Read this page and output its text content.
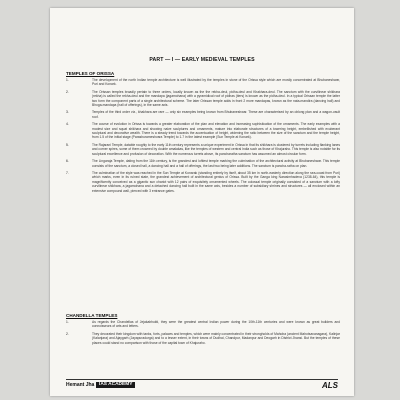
PART — I — EARLY MEDIEVAL TEMPLES
TEMPLES OF ORISSA
1.	The development of the north Indian temple architecture is well illustrated by the temples in stone of the Orissa style which are mostly concentrated at Bhubaneshwar, Puri and Konark.
2.	The Orissan temples broadly pertain to three orders, locally known as the the rekha-deul, pidha-deul and Khakhara-deul. The sanctum with the curvilinear shikhara (rekha) is called the rekha-deul and the mandapa (jagamohana) with a pyramidical roof of pidhas (tiers) is known as the pidha-deul. In a typical Orissan temple the latter two form the component parts of a single architectural scheme. The later Orissan temple adds in front 2 more mandapas, known as the nata-mandira (dancing hall) and Bhoga-mandapa (hall of offerings), in the same axis.
3.	Temples of the third order viz., khakhara are rare — only six examples being known from Bhubaneshwar. These are characterised by an oblong plan and a wagon-vault roof.
4.	The course of evolution in Orissa is towards a greater elaboration of the plan and elevation and increasing sophistication of the ornaments. The early examples with a modest size and squat shikhara and showing naive sculptures and ornaments, mature into elaborate structures of a towering height, embellished with exuberant sculptural and decorative wealth. There is a steady trend towards the accentuation of height, widening the ratio between the size of the sanctum and the temple height, from 1.5 of the initial stage (Parashurameshvara Temple) to 1.7 in the latest example (Sun Temple at Konark).
5.	The Rajarani Temple, datable roughly to the early 11th century represents a unique experiment in Orissa in that its shikhara is clustered by turrets including flanking lanes and corner spires, some of them crowned by double amalakas, like the temples of western and central India such as those of Khajuraho. This temple is also notable for its sculptural excellence and profusion of decoration. With the numerous turrets above, its pancharatha sanctum has assumed an almost circular form.
6.	The Lingaraja Temple, dating from the 11th century, is the grandest and loftiest temple marking the culmination of the architectural activity at Bhubaneshwar. This temple consists of the sanctum, a closed hall, a dancing hall and a hall of offerings, the last two being later additions. The sanctum is pancha-ratha on plan.
7.	The culmination of the style was reached in the Sun Temple at Konarak (standing entirely by itself, about 35 km in north-easterly direction along the sea-coast from Puri) which marks, even in its ruined state, the grandest achievement of architectural genius of Orissa. Built by the Ganga king Narasimhadeva (1238-64), this temple is magnificently conceived as a gigantic sun chariot with 12 pairs of exquisitely ornamented wheels. The colossal temple originally consisted of a sanctum with a lofty curvilinear shikhara, a jagamohana and a detached dancing hall built in the same axis, besides a number of subsidiary shrines and structures — all enclosed within an extensive compound wall, pierced with 3 entrance gates.
CHANDELLA TEMPLES
1.	As regards the Chandellas of Jejakabhukti, they were the greatest central Indian power during the 10th-11th centuries and were known as great builders and connoisseurs of arts and letters.
2.	They decorated their kingdom with tanks, forts, palaces and temples, which were mainly concentrated in their strongholds of Mahoba (ancient Mahotsavanagara), Kalinjar (Kalanjara) and Ajaygarh (Jayapuradurga) and to a lesser extent, in their towns of Dudhai, Chandpur, Madanpur and Deogarh in District Jhansi. But the temples of these places could stand no comparison with those of the capital town of Khajuraho.
Hemant Jha IAS ACADEMY	ALS
